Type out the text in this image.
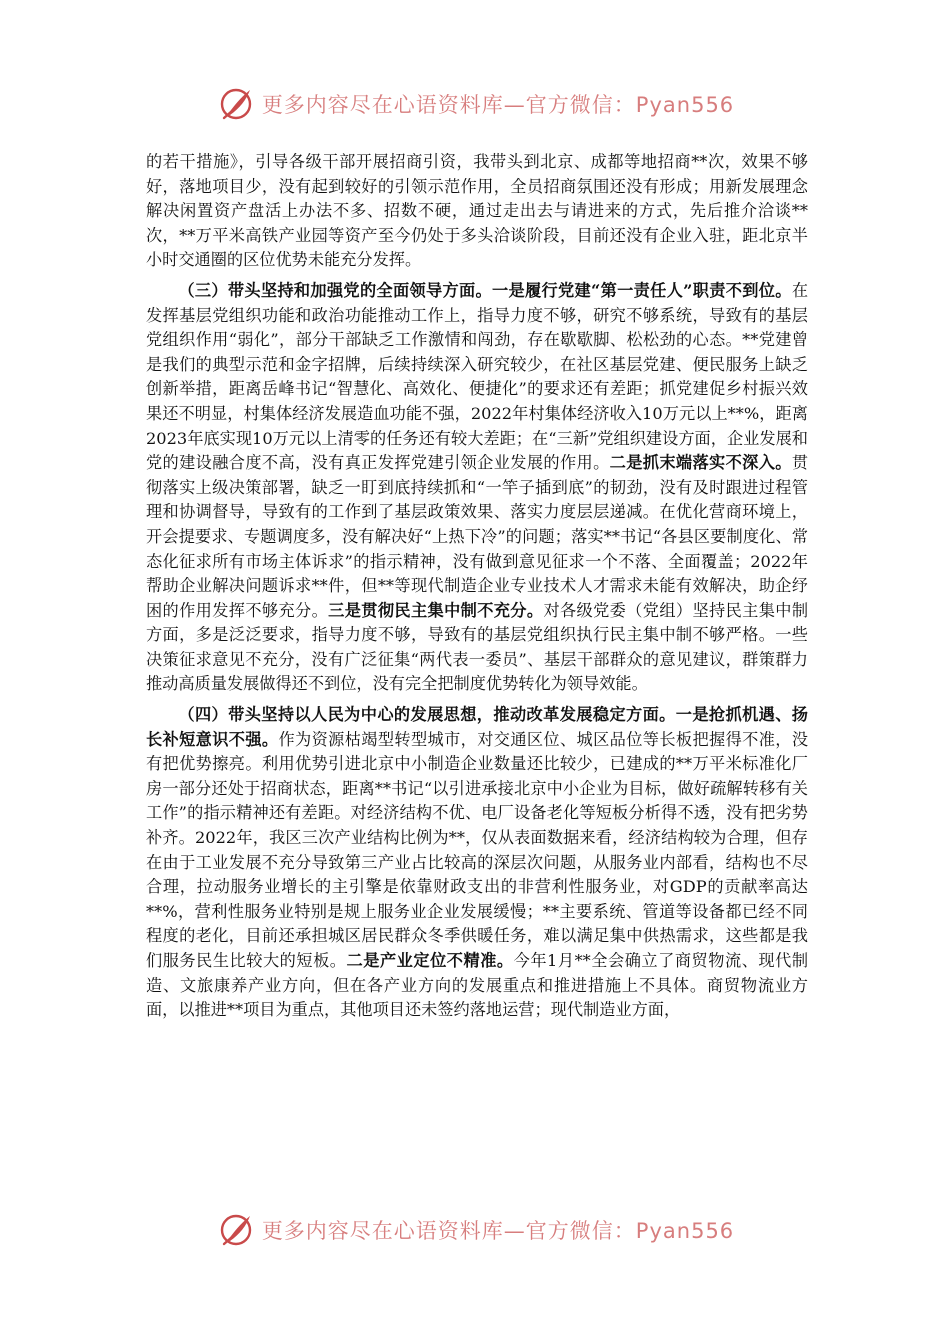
更多内容尽在心语资料库—官方微信：Pyan556

的若干措施》，引导各级干部开展招商引资，我带头到北京、成都等地招商**次，效果不够好，落地项目少，没有起到较好的引领示范作用，全员招商氛围还没有形成；用新发展理念解决闲置资产盘活上办法不多、招数不硬，通过走出去与请进来的方式，先后推介洽谈**次，**万平米高铁产业园等资产至今仍处于多头洽谈阶段，目前还没有企业入驻，距北京半小时交通圈的区位优势未能充分发挥。

（三）带头坚持和加强党的全面领导方面。一是履行党建“第一责任人”职责不到位。在发挥基层党组织功能和政治功能推动工作上，指导力度不够，研究不够系统，导致有的基层党组织作用“弱化”，部分干部缺乏工作激情和闯劲，存在歇歇脚、松松劲的心态。**党建曾是我们的典型示范和金字招牌，后续持续深入研究较少，在社区基层党建、便民服务上缺乏创新举措，距离岳峰书记“智慧化、高效化、便捷化”的要求还有差距；抓党建促乡村振兴效果还不明显，村集体经济发展造血功能不强，2022年村集体经济收入10万元以上**%，距离2023年底实现10万元以上清零的任务还有较大差距；在“三新”党组织建设方面，企业发展和党的建设融合度不高，没有真正发挥党建引领企业发展的作用。二是抓末端落实不深入。贯彻落实上级决策部署，缺乏一盯到底持续抓和“一竿子插到底”的韧劲，没有及时跟进过程管理和协调督导，导致有的工作到了基层政策效果、落实力度层层递减。在优化营商环境上，开会提要求、专题调度多，没有解决好“上热下冷”的问题；落实**书记“各县区要制度化、常态化征求所有市场主体诉求”的指示精神，没有做到意见征求一个不落、全面覆盖；2022年帮助企业解决问题诉求**件，但**等现代制造企业专业技术人才需求未能有效解决，助企纾困的作用发挥不够充分。三是贯彻民主集中制不充分。对各级党委（党组）坚持民主集中制方面，多是泛泛要求，指导力度不够，导致有的基层党组织执行民主集中制不够严格。一些决策征求意见不充分，没有广泛征集“两代表一委员”、基层干部群众的意见建议，群策群力推动高质量发展做得还不到位，没有完全把制度优势转化为领导效能。

（四）带头坚持以人民为中心的发展思想，推动改革发展稳定方面。一是抢抓机遇、扬长补短意识不强。作为资源枯竭型转型城市，对交通区位、城区品位等长板把握得不准，没有把优势擦亮。利用优势引进北京中小制造企业数量还比较少，已建成的**万平米标准化厂房一部分还处于招商状态，距离**书记“以引进承接北京中小企业为目标，做好疏解转移有关工作”的指示精神还有差距。对经济结构不优、电厂设备老化等短板分析得不透，没有把劣势补齐。2022年，我区三次产业结构比例为**，仅从表面数据来看，经济结构较为合理，但存在由于工业发展不充分导致第三产业占比较高的深层次问题，从服务业内部看，结构也不尽合理，拉动服务业增长的主引擎是依靠财政支出的非营利性服务业，对GDP的贡献率高达**%，营利性服务业特别是规上服务业企业发展缓慢；**主要系统、管道等设备都已经不同程度的老化，目前还承担城区居民群众冬季供暖任务，难以满足集中供热需求，这些都是我们服务民生比较大的短板。二是产业定位不精准。今年1月**全会确立了商贸物流、现代制造、文旅康养产业方向，但在各产业方向的发展重点和推进措施上不具体。商贸物流业方面，以推进**项目为重点，其他项目还未签约落地运营；现代制造业方面，

更多内容尽在心语资料库—官方微信：Pyan556
